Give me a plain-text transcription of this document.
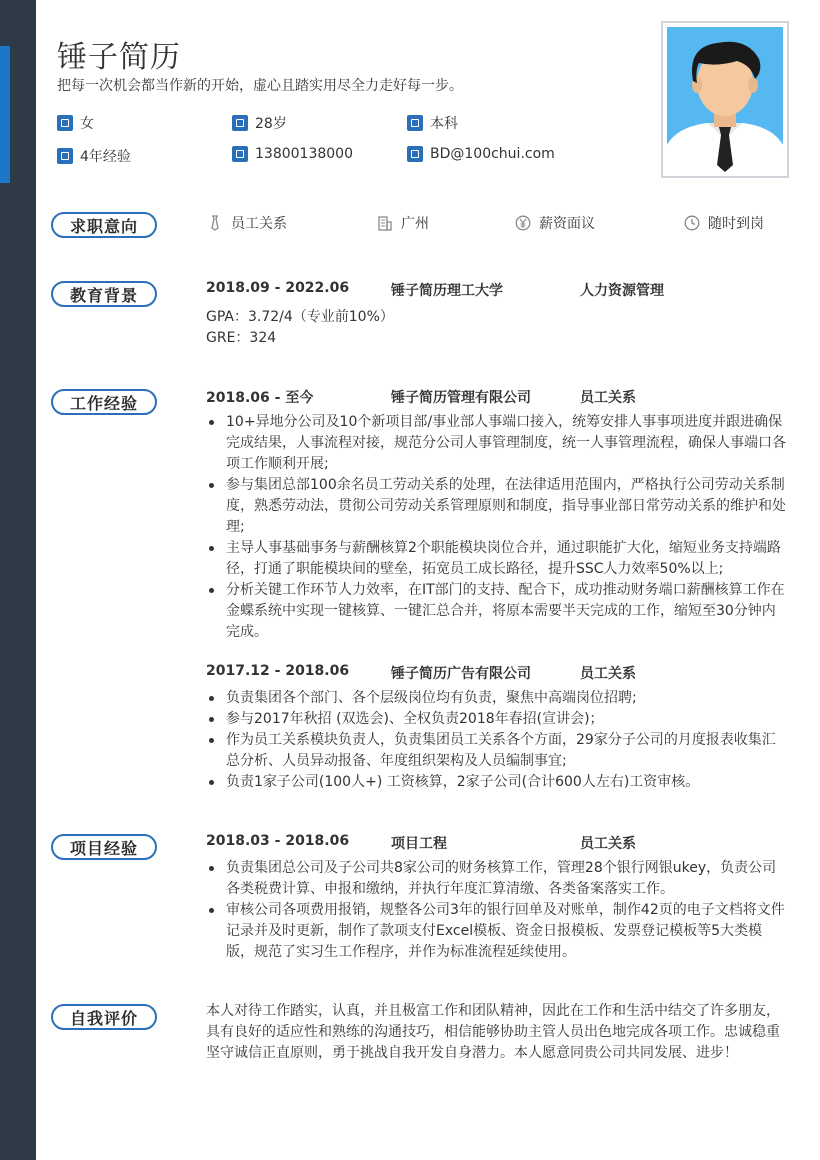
锤子简历
把每一次机会都当作新的开始，虚心且踏实用尽全力走好每一步。
女	28岁	本科
4年经验	13800138000	BD@100chui.com
求职意向
教育背景
工作经验
项目经验
自我评价
员工关系	广州	薪资面议	随时到岗
2018.09 - 2022.06	锤子简历理工大学	人力资源管理
GPA：3.72/4（专业前10%）
GRE：324
2018.06 - 至今	锤子简历管理有限公司	员工关系
10+异地分公司及10个新项目部/事业部人事端口接入，统筹安排人事事项进度并跟进确保完成结果，人事流程对接，规范分公司人事管理制度，统一人事管理流程，确保人事端口各项工作顺利开展;
参与集团总部100余名员工劳动关系的处理，在法律适用范围内，严格执行公司劳动关系制度，熟悉劳动法，贯彻公司劳动关系管理原则和制度，指导事业部日常劳动关系的维护和处理;
主导人事基础事务与薪酬核算2个职能模块岗位合并，通过职能扩大化，缩短业务支持端路径，打通了职能模块间的壁垒，拓宽员工成长路径，提升SSC人力效率50%以上;
分析关键工作环节人力效率，在IT部门的支持、配合下，成功推动财务端口薪酬核算工作在金蝶系统中实现一键核算、一键汇总合并，将原本需要半天完成的工作，缩短至30分钟内完成。
2017.12 - 2018.06	锤子简历广告有限公司	员工关系
负责集团各个部门、各个层级岗位均有负责，聚焦中高端岗位招聘;
参与2017年秋招 (双选会)、全权负责2018年春招(宣讲会)；
作为员工关系模块负责人，负责集团员工关系各个方面，29家分子公司的月度报表收集汇总分析、人员异动报备、年度组织架构及人员编制事宜;
负责1家子公司(100人+) 工资核算，2家子公司(合计600人左右)工资审核。
2018.03 - 2018.06	项目工程	员工关系
负责集团总公司及子公司共8家公司的财务核算工作，管理28个银行网银ukey，负责公司各类税费计算、申报和缴纳，并执行年度汇算清缴、各类备案落实工作。
审核公司各项费用报销，规整各公司3年的银行回单及对账单，制作42页的电子文档将文件记录并及时更新，制作了款项支付Excel模板、资金日报模板、发票登记模板等5大类模版，规范了实习生工作程序，并作为标准流程延续使用。
本人对待工作踏实，认真，并且极富工作和团队精神，因此在工作和生活中结交了许多朋友，具有良好的适应性和熟练的沟通技巧，相信能够协助主管人员出色地完成各项工作。忠诚稳重坚守诚信正直原则，勇于挑战自我开发自身潜力。本人愿意同贵公司共同发展、进步！
